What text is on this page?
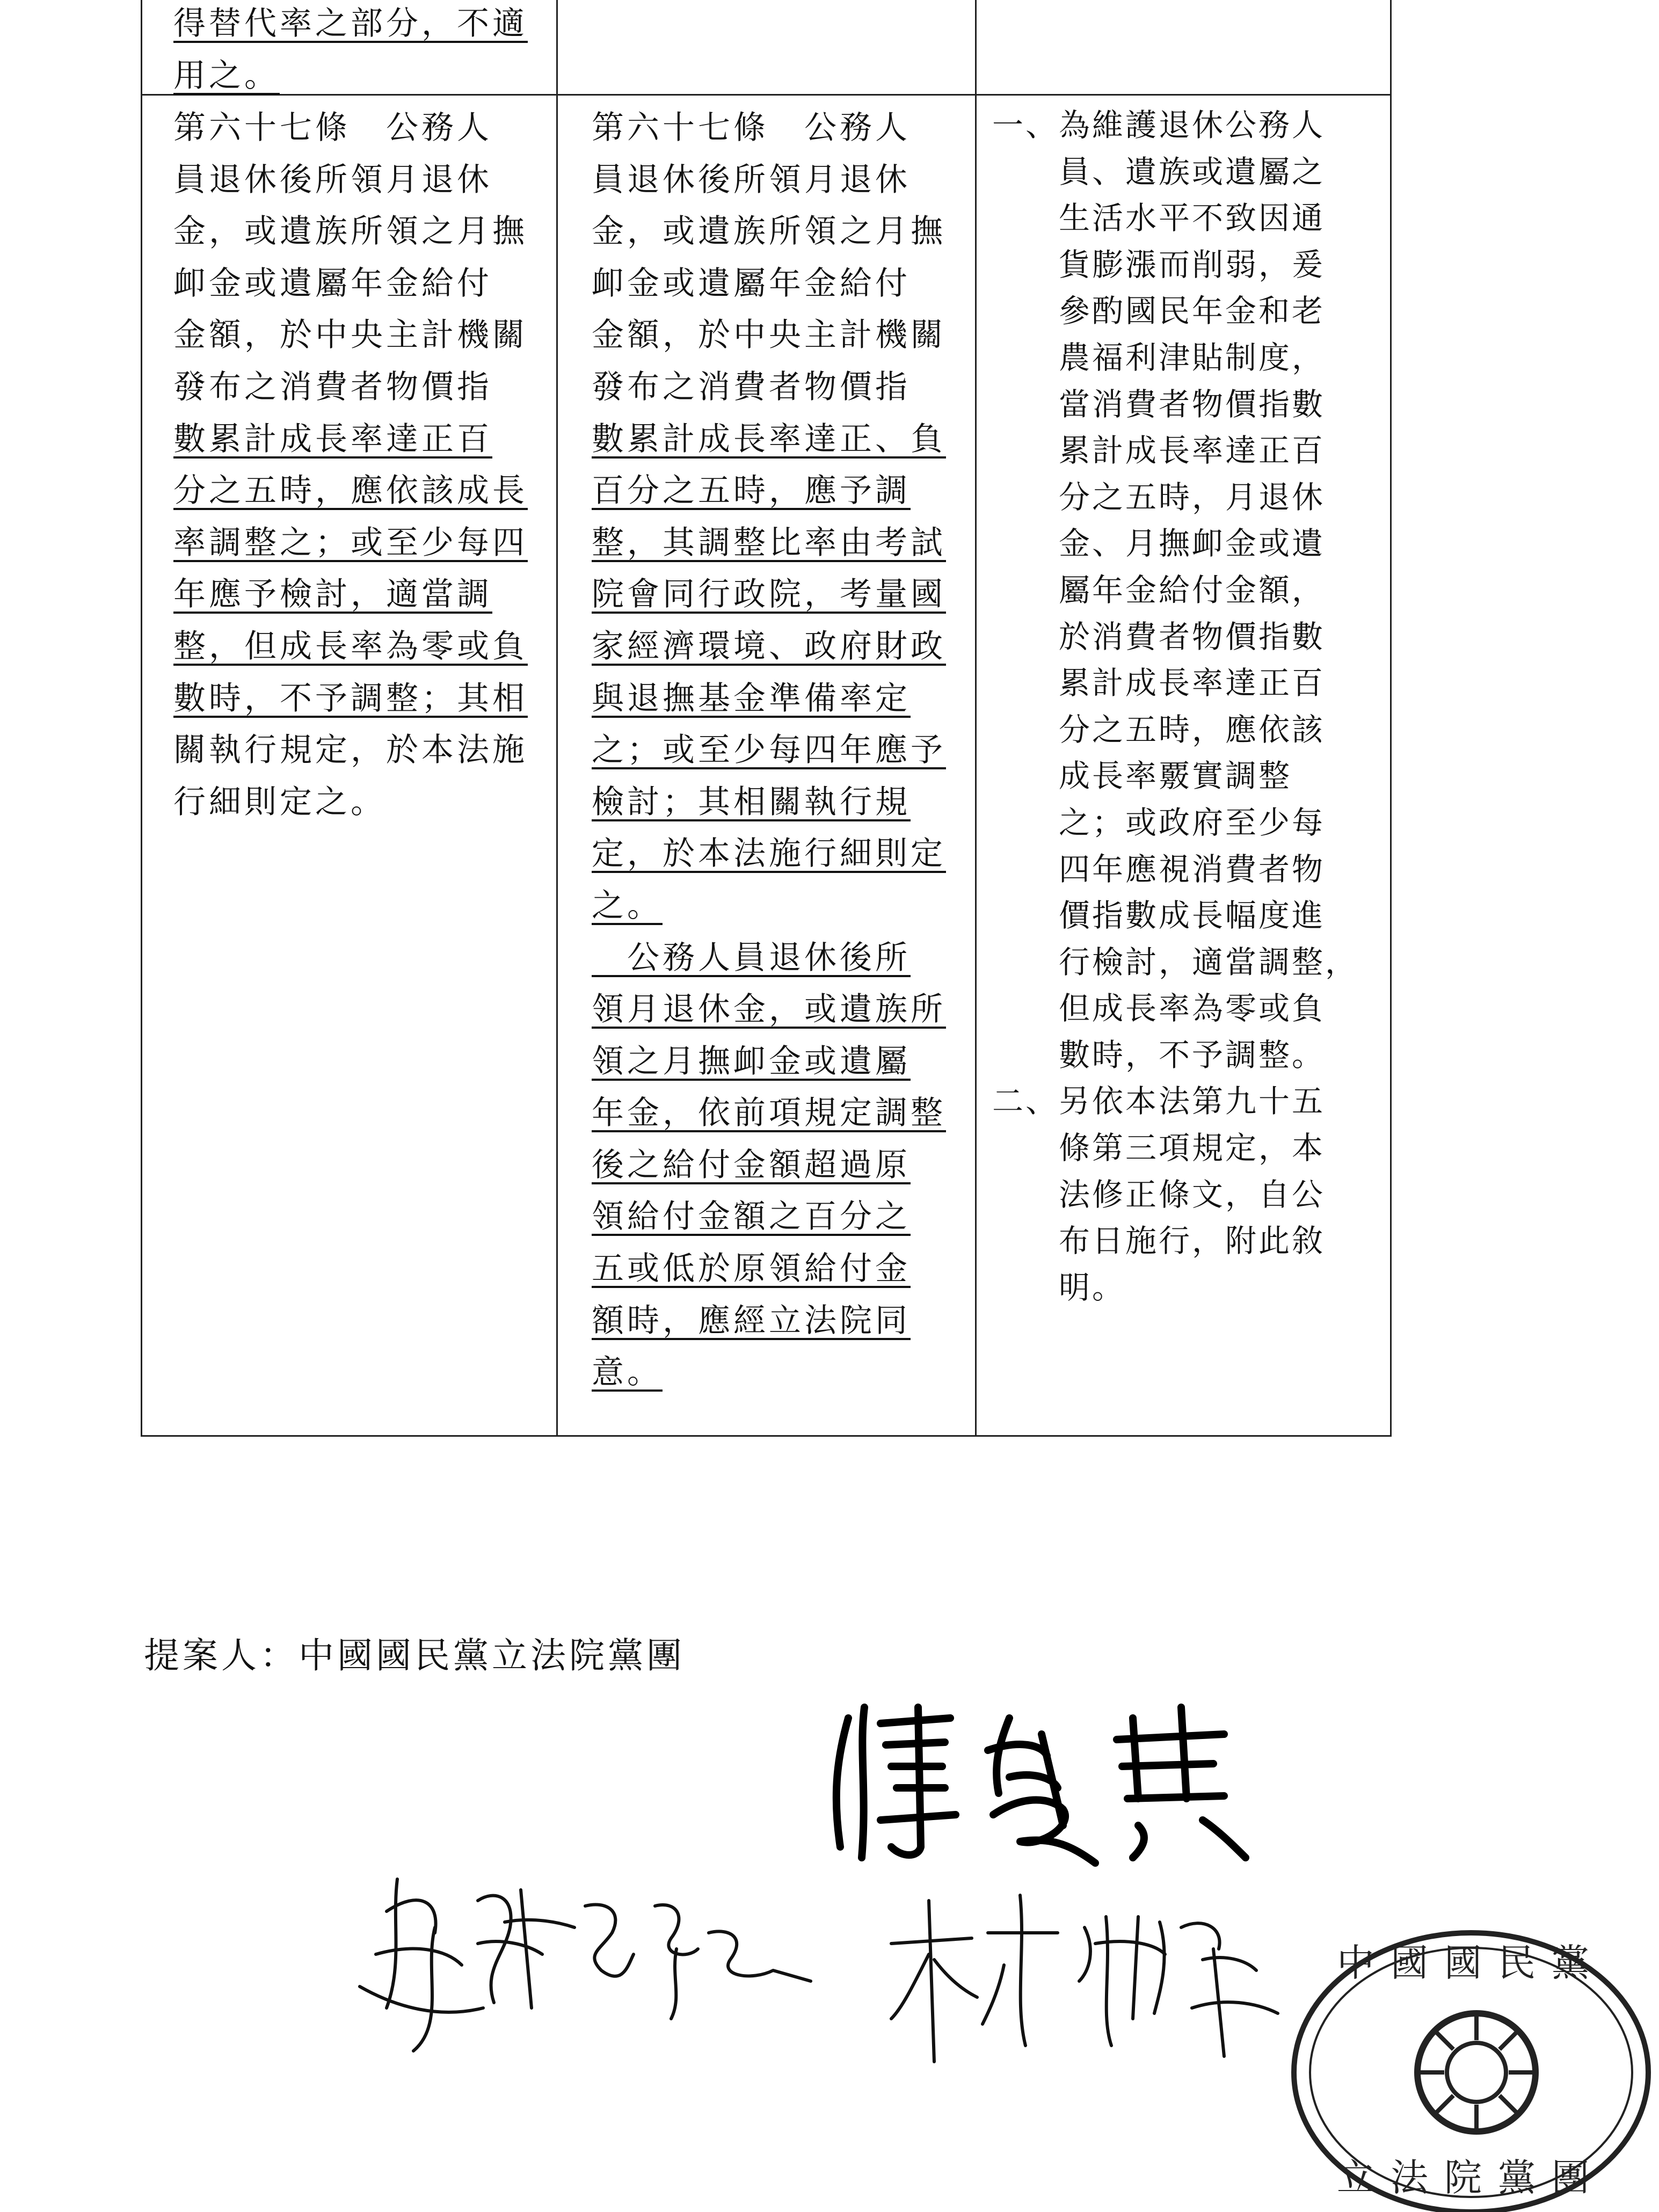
得替代率之部分，不適
用之。
第六十七條　公務人
員退休後所領月退休
金，或遺族所領之月撫
卹金或遺屬年金給付
金額，於中央主計機關
發布之消費者物價指
數累計成長率達正百
分之五時，應依該成長
率調整之；或至少每四
年應予檢討，適當調
整，但成長率為零或負
數時，不予調整；其相
關執行規定，於本法施
行細則定之。
第六十七條　公務人
員退休後所領月退休
金，或遺族所領之月撫
卹金或遺屬年金給付
金額，於中央主計機關
發布之消費者物價指
數累計成長率達正、負
百分之五時，應予調
整，其調整比率由考試
院會同行政院，考量國
家經濟環境、政府財政
與退撫基金準備率定
之；或至少每四年應予
檢討；其相關執行規
定，於本法施行細則定
之。
　公務人員退休後所
領月退休金，或遺族所
領之月撫卹金或遺屬
年金，依前項規定調整
後之給付金額超過原
領給付金額之百分之
五或低於原領給付金
額時，應經立法院同
意。
一、為維護退休公務人
　　員、遺族或遺屬之
　　生活水平不致因通
　　貨膨漲而削弱，爰
　　參酌國民年金和老
　　農福利津貼制度，
　　當消費者物價指數
　　累計成長率達正百
　　分之五時，月退休
　　金、月撫卹金或遺
　　屬年金給付金額，
　　於消費者物價指數
　　累計成長率達正百
　　分之五時，應依該
　　成長率覈實調整
　　之；或政府至少每
　　四年應視消費者物
　　價指數成長幅度進
　　行檢討，適當調整，
　　但成長率為零或負
　　數時，不予調整。
二、另依本法第九十五
　　條第三項規定，本
　　法修正條文，自公
　　布日施行，附此敘
　　明。
提案人：中國國民黨立法院黨團
中國國民黨
立法院黨團
